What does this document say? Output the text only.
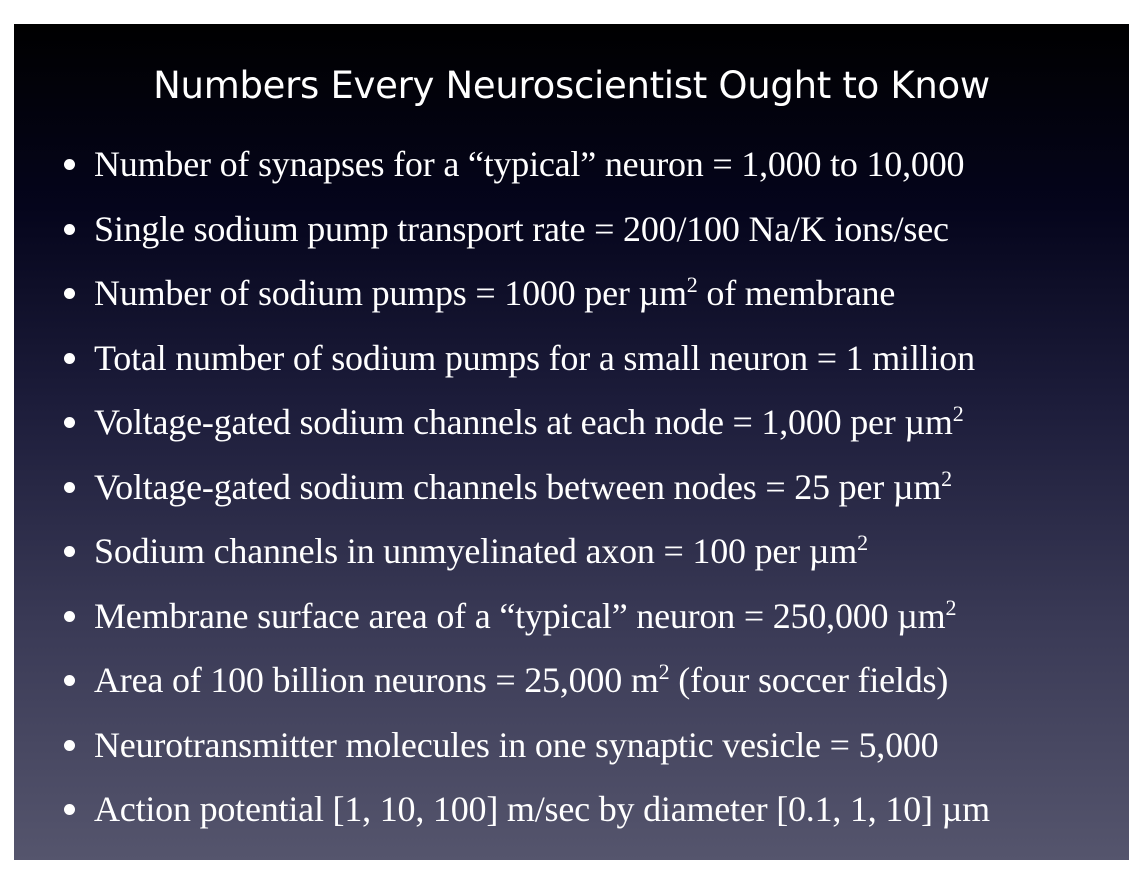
Numbers Every Neuroscientist Ought to Know
Number of synapses for a “typical” neuron = 1,000 to 10,000
Single sodium pump transport rate = 200/100 Na/K ions/sec
Number of sodium pumps = 1000 per µm$^2$ of membrane
Total number of sodium pumps for a small neuron = 1 million
Voltage-gated sodium channels at each node = 1,000 per µm$^2$
Voltage-gated sodium channels between nodes = 25 per µm$^2$
Sodium channels in unmyelinated axon = 100 per µm$^2$
Membrane surface area of a “typical” neuron = 250,000 µm$^2$
Area of 100 billion neurons = 25,000 $m^2$ (four soccer fields)
Neurotransmitter molecules in one synaptic vesicle = 5,000
Action potential [1, 10, 100] m/sec by diameter [0.1, 1, 10] µm
